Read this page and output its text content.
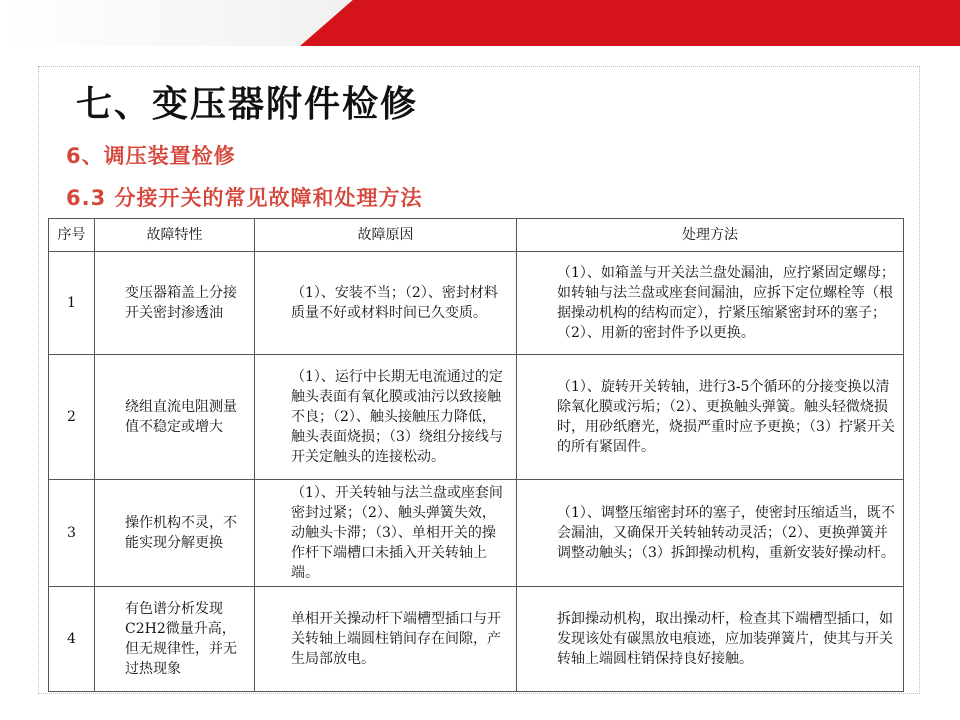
七、变压器附件检修
6、调压装置检修
6.3 分接开关的常见故障和处理方法
序号	故障特性	故障原因	处理方法
1	变压器箱盖上分接开关密封渗透油	（1）、安装不当；（2）、密封材料质量不好或材料时间已久变质。	（1）、如箱盖与开关法兰盘处漏油，应拧紧固定螺母；如转轴与法兰盘或座套间漏油，应拆下定位螺栓等（根据操动机构的结构而定），拧紧压缩紧密封环的塞子；（2）、用新的密封件予以更换。
2	绕组直流电阻测量值不稳定或增大	（1）、运行中长期无电流通过的定触头表面有氧化膜或油污以致接触不良；（2）、触头接触压力降低，触头表面烧损；（3）绕组分接线与开关定触头的连接松动。	（1）、旋转开关转轴，进行3-5个循环的分接变换以清除氧化膜或污垢；（2）、更换触头弹簧。触头轻微烧损时，用砂纸磨光，烧损严重时应予更换；（3）拧紧开关的所有紧固件。
3	操作机构不灵，不能实现分解更换	（1）、开关转轴与法兰盘或座套间密封过紧；（2）、触头弹簧失效，动触头卡滞；（3）、单相开关的操作杆下端槽口未插入开关转轴上端。	（1）、调整压缩密封环的塞子，使密封压缩适当，既不会漏油，又确保开关转轴转动灵活；（2）、更换弹簧并调整动触头；（3）拆卸操动机构，重新安装好操动杆。
4	有色谱分析发现C2H2微量升高，但无规律性，并无过热现象	单相开关操动杆下端槽型插口与开关转轴上端圆柱销间存在间隙，产生局部放电。	拆卸操动机构，取出操动杆，检查其下端槽型插口，如发现该处有碳黑放电痕迹，应加装弹簧片，使其与开关转轴上端圆柱销保持良好接触。
